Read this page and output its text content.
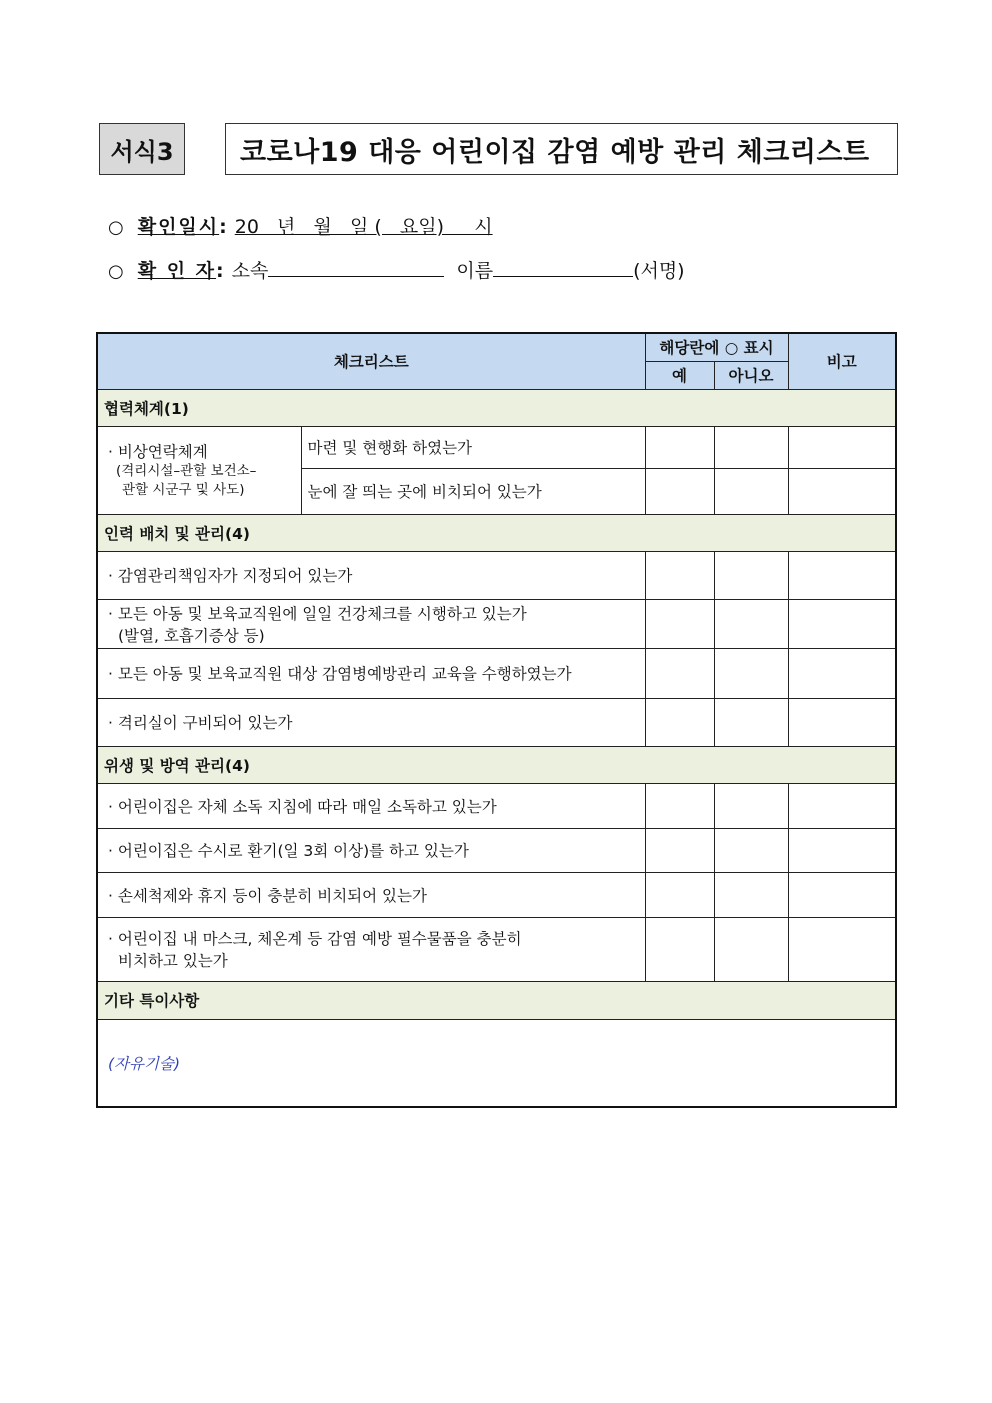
서식3	코로나19 대응 어린이집 감염 예방 관리 체크리스트
○ 확인일시 : 20   년   월   일 (   요일)     시
○ 확 인 자 : 소속	이름	(서명)
체크리스트		해당란에 ○ 표시		비고
		예	아니오	
협력체계(1)				

· 비상연락체계
(격리시설–관할 보건소–
관할 시군구 및 사도)	마련 및 현행화 하였는가			
	눈에 잘 띄는 곳에 비치되어 있는가			
인력 배치 및 관리(4)				
· 감염관리책임자가 지정되어 있는가				

· 모든 아동 및 보육교직원에 일일 건강체크를 시행하고 있는가
(발열, 호흡기증상 등)				

· 모든 아동 및 보육교직원 대상 감염병예방관리 교육을 수행하였는가				
· 격리실이 구비되어 있는가				
위생 및 방역 관리(4)				
· 어린이집은 자체 소독 지침에 따라 매일 소독하고 있는가				
· 어린이집은 수시로 환기(일 3회 이상)를 하고 있는가				
· 손세척제와 휴지 등이 충분히 비치되어 있는가				

· 어린이집 내 마스크, 체온계 등 감염 예방 필수물품을 충분히
비치하고 있는가				

기타 특이사항				
(자유기술)				
